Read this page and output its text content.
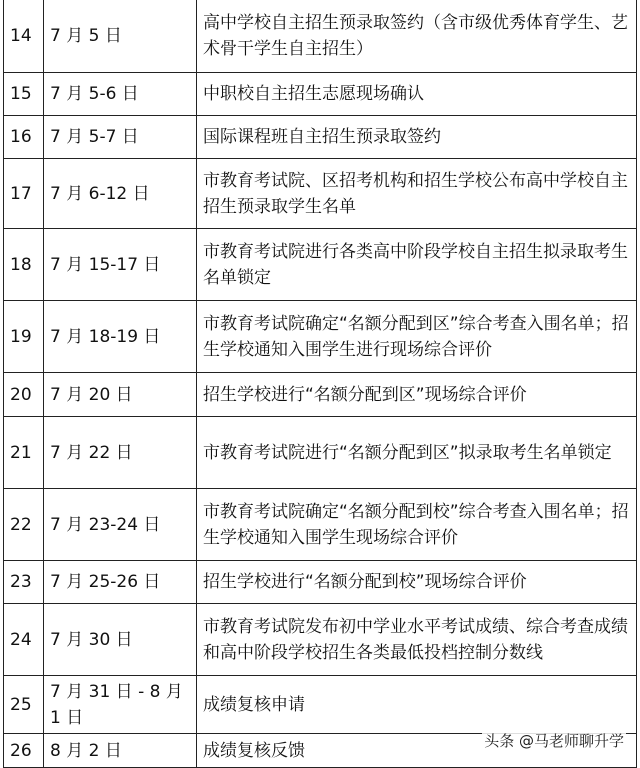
14	7 月 5 日	高中学校自主招生预录取签约（含市级优秀体育学生、艺术骨干学生自主招生）
15	7 月 5-6 日	中职校自主招生志愿现场确认
16	7 月 5-7 日	国际课程班自主招生预录取签约
17	7 月 6-12 日	市教育考试院、区招考机构和招生学校公布高中学校自主招生预录取学生名单
18	7 月 15-17 日	市教育考试院进行各类高中阶段学校自主招生拟录取考生名单锁定
19	7 月 18-19 日	市教育考试院确定“名额分配到区”综合考查入围名单；招生学校通知入围学生进行现场综合评价
20	7 月 20 日	招生学校进行“名额分配到区”现场综合评价
21	7 月 22 日	市教育考试院进行“名额分配到区”拟录取考生名单锁定
22	7 月 23-24 日	市教育考试院确定“名额分配到校”综合考查入围名单；招生学校通知入围学生现场综合评价
23	7 月 25-26 日	招生学校进行“名额分配到校”现场综合评价
24	7 月 30 日	市教育考试院发布初中学业水平考试成绩、综合考查成绩和高中阶段学校招生各类最低投档控制分数线
25	7 月 31 日 - 8 月 1 日	成绩复核申请
26	8 月 2 日	成绩复核反馈	头条 @马老师聊升学
